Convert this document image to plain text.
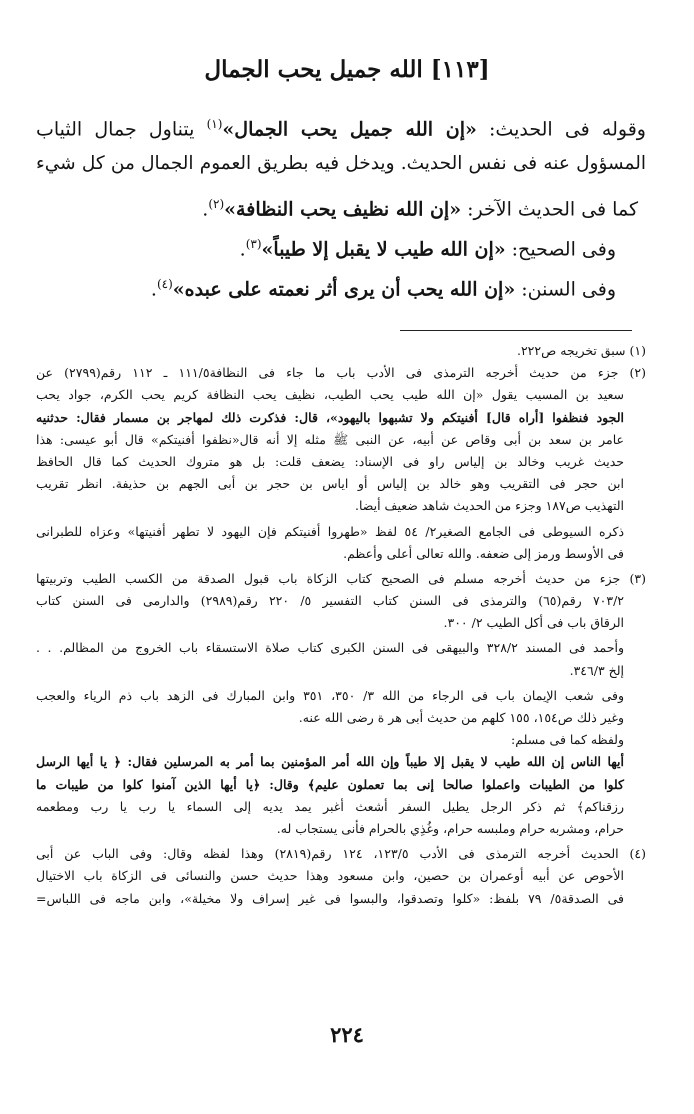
[١١٣] الله جميل يحب الجمال
وقوله فى الحديث: «إن الله جميل يحب الجمال»$^{(١)}$ يتناول جمال الثياب
المسؤول عنه فى نفس الحديث. ويدخل فيه بطريق العموم الجمال من كل شيء
كما فى الحديث الآخر: «إن الله نظيف يحب النظافة»$^{(٢)}$.
وفى الصحيح: «إن الله طيب لا يقبل إلا طيباً»$^{(٣)}$.
وفى السنن: «إن الله يحب أن يرى أثر نعمته على عبده»$^{(٤)}$.
(١) سبق تخريجه ص٢٢٢.
(٢) جزء من حديث أخرجه الترمذى فى الأدب باب ما جاء فى النظافة١١١/٥ ـ ١١٢ رقم(٢٧٩٩) عن
سعيد بن المسيب يقول «إن الله طيب يحب الطيب، نظيف يحب النظافة كريم يحب الكرم، جواد يحب
الجود فنظفوا [أراه قال] أفنيتكم ولا تشبهوا باليهود»، قال: فذكرت ذلك لمهاجر بن مسمار فقال: حدثنيه
عامر بن سعد بن أبى وقاص عن أبيه، عن النبى ﷺ مثله إلا أنه قال«نظفوا أفنيتكم» قال أبو عيسى: هذا
حديث غريب وخالد بن إلياس راو فى الإسناد: يضعف قلت: بل هو متروك الحديث كما قال الحافظ
ابن حجر فى التقريب وهو خالد بن إلياس أو اياس بن حجر بن أبى الجهم بن حذيفة. انظر تقريب
التهذيب ص١٨٧ وجزء من الحديث شاهد ضعيف أيضا.
ذكره السيوطى فى الجامع الصغير٢/ ٥٤ لفظ «طهروا أفنيتكم فإن اليهود لا تطهر أفنيتها» وعزاه للطبرانى
فى الأوسط ورمز إلى ضعفه. والله تعالى أعلى وأعظم.
(٣) جزء من حديث أخرجه مسلم فى الصحيح كتاب الزكاة باب قبول الصدقة من الكسب الطيب وتربيتها
٧٠٣/٢ رقم(٦٥) والترمذى فى السنن كتاب التفسير ٥/ ٢٢٠ رقم(٢٩٨٩) والدارمى فى السنن كتاب
الرقاق باب فى أكل الطيب ٢/ ٣٠٠.
وأحمد فى المسند ٣٢٨/٢ والبيهقى فى السنن الكبرى كتاب صلاة الاستسقاء باب الخروج من المظالم. . .
إلخ ٣٤٦/٣.
وفى شعب الإيمان باب فى الرجاء من الله ٣/ ٣٥٠، ٣٥١ وابن المبارك فى الزهد باب ذم الرياء والعجب
وغير ذلك ص١٥٤، ١٥٥ كلهم من حديث أبى هر ة رضى الله عنه.
ولفظه كما فى مسلم:
أيها الناس إن الله طيب لا يقبل إلا طيباً وإن الله أمر المؤمنين بما أمر به المرسلين فقال: ﴿ يا أيها الرسل
كلوا من الطيبات واعملوا صالحا إنى بما تعملون عليم﴾ وقال: ﴿يا أيها الذين آمنوا كلوا من طيبات ما
رزقناكم﴾ ثم ذكر الرجل يطيل السفر أشعث أغبر يمد يديه إلى السماء يا رب يا رب ومطعمه
حرام، ومشربه حرام وملبسه حرام، وغُذِي بالحرام فأنى يستجاب له.
(٤) الحديث أخرجه الترمذى فى الأدب ١٢٣/٥، ١٢٤ رقم(٢٨١٩) وهذا لفظه وقال: وفى الباب عن أبى
الأحوص عن أبيه أوعمران بن حصين، وابن مسعود وهذا حديث حسن والنسائى فى الزكاة باب الاختيال
فى الصدقة٥/ ٧٩ بلفظ: «كلوا وتصدقوا، والبسوا فى غير إسراف ولا مخيلة»، وابن ماجه فى اللباس=
٢٢٤
